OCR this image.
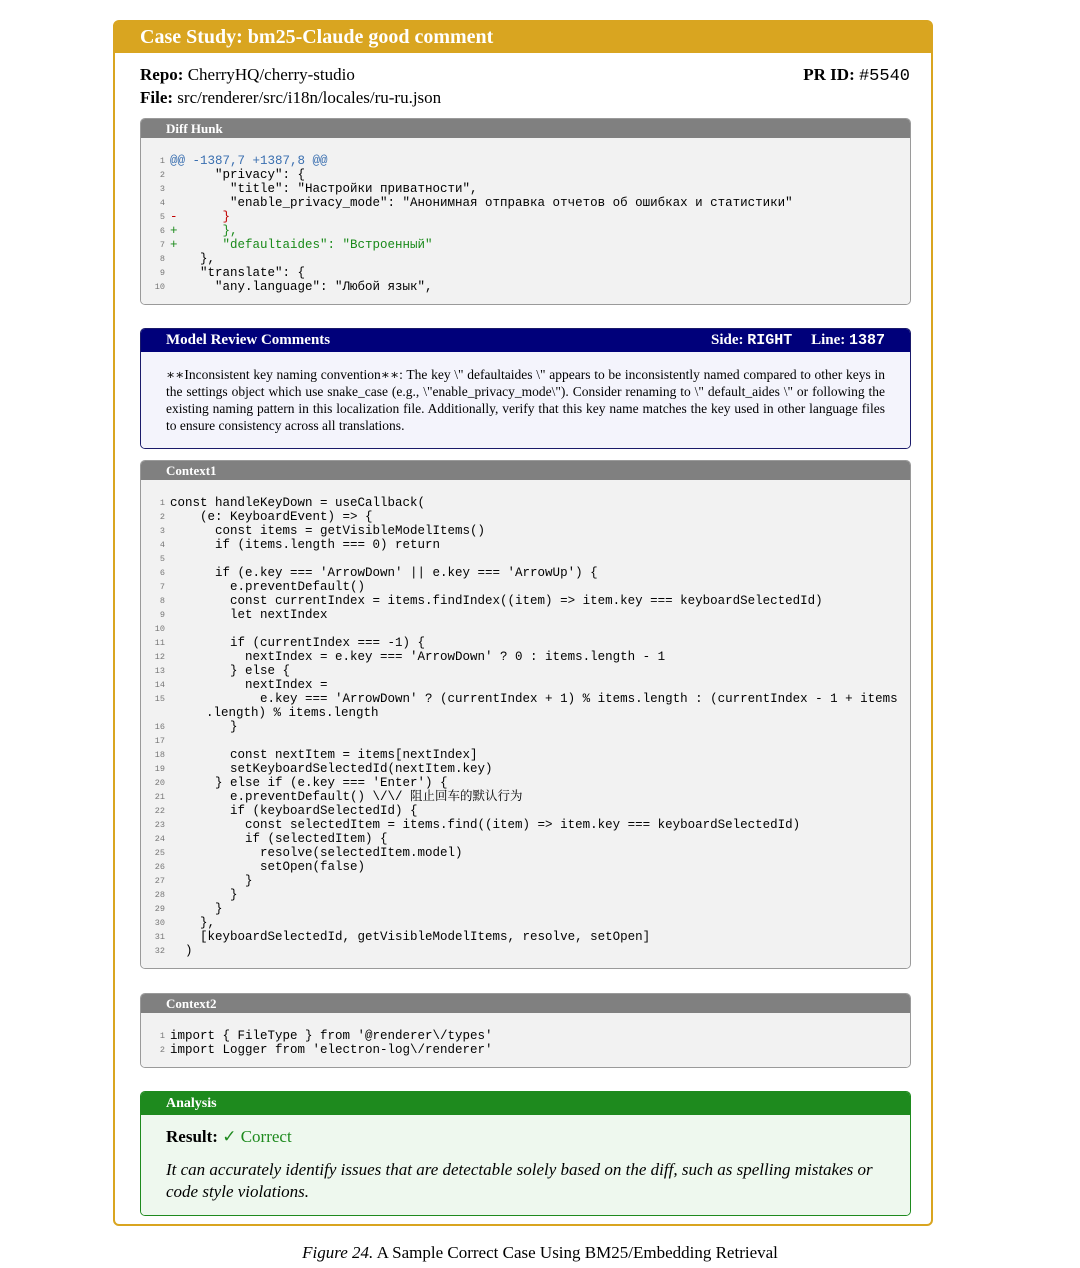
Case Study: bm25-Claude good comment
Repo: CherryHQ/cherry-studio	PR ID: #5540
File: src/renderer/src/i18n/locales/ru-ru.json
Diff Hunk
1 @@ -1387,7 +1387,8 @@
2 "privacy": {
3 "title": "Настройки приватности",
4 "enable_privacy_mode": "Анонимная отправка отчетов об ошибках и статистики"
5 -      }
6 +      },
7 +      "defaultaides": "Встроенный"
8 },
9 "translate": {
10 "any.language": "Любой язык",
Model Review Comments	Side: RIGHT Line: 1387
∗∗Inconsistent key naming convention∗∗: The key \" defaultaides \" appears to be inconsistently named compared to other keys in the settings object which use snake_case (e.g., \"enable_privacy_mode\"). Consider renaming to \" default_aides \" or following the existing naming pattern in this localization file. Additionally, verify that this key name matches the key used in other language files to ensure consistency across all translations.
Context1
1 const handleKeyDown = useCallback(
2 (e: KeyboardEvent) => {
3 const items = getVisibleModelItems()
4 if (items.length === 0) return
5
6 if (e.key === 'ArrowDown' || e.key === 'ArrowUp') {
7 e.preventDefault()
8 const currentIndex = items.findIndex((item) => item.key === keyboardSelectedId)
9 let nextIndex
10
11 if (currentIndex === -1) {
12 nextIndex = e.key === 'ArrowDown' ? 0 : items.length - 1
13 } else {
14 nextIndex =
15 e.key === 'ArrowDown' ? (currentIndex + 1) % items.length : (currentIndex - 1 + items
.length) % items.length
16 }
17
18 const nextItem = items[nextIndex]
19 setKeyboardSelectedId(nextItem.key)
20 } else if (e.key === 'Enter') {
21 e.preventDefault() \/\/ 阻止回车的默认行为
22 if (keyboardSelectedId) {
23 const selectedItem = items.find((item) => item.key === keyboardSelectedId)
24 if (selectedItem) {
25 resolve(selectedItem.model)
26 setOpen(false)
27 }
28 }
29 }
30 },
31 [keyboardSelectedId, getVisibleModelItems, resolve, setOpen]
32 )
Context2
1 import { FileType } from '@renderer\/types'
2 import Logger from 'electron-log\/renderer'
Analysis
Result: ✓ Correct
It can accurately identify issues that are detectable solely based on the diff, such as spelling mistakes or code style violations.
Figure 24. A Sample Correct Case Using BM25/Embedding Retrieval
